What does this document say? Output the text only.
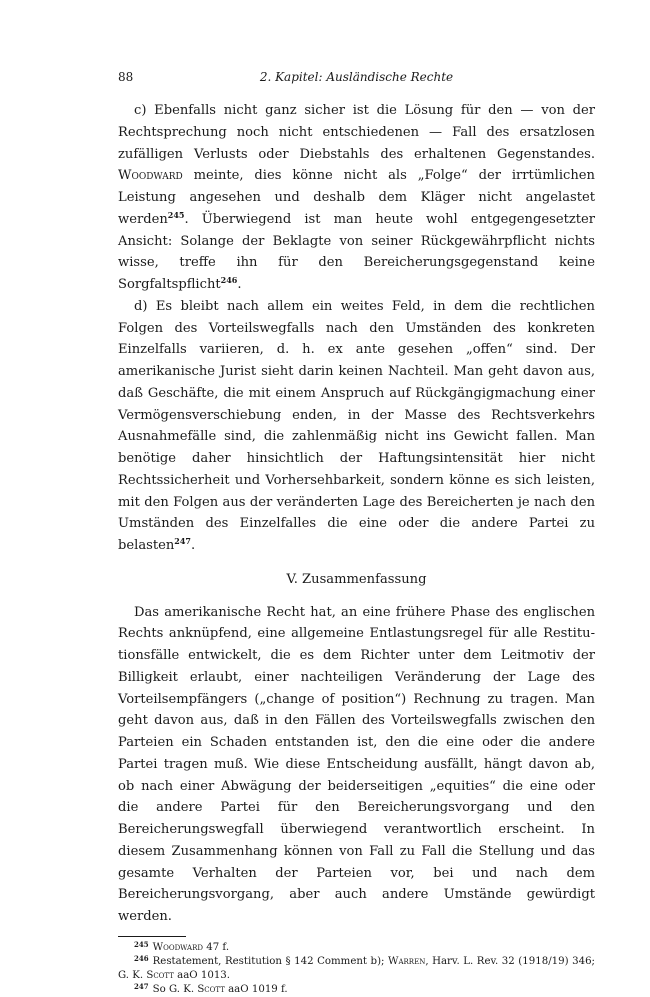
88	2. Kapitel: Ausländische Rechte

c) Ebenfalls nicht ganz sicher ist die Lösung für den — von der Rechtsprechung noch nicht entschiedenen — Fall des ersatzlosen zufälligen Verlusts oder Diebstahls des erhaltenen Gegenstandes. Woodward meinte, dies könne nicht als „Folge“ der irrtümlichen Leistung angesehen und deshalb dem Kläger nicht angelastet werden$^{245}$. Überwiegend ist man heute wohl entgegengesetzter Ansicht: Solange der Beklagte von seiner Rückgewährpflicht nichts wisse, treffe ihn für den Bereicherungsgegenstand keine Sorgfaltspflicht$^{246}$.

d) Es bleibt nach allem ein weites Feld, in dem die rechtlichen Folgen des Vorteilswegfalls nach den Umständen des konkreten Einzelfalls variieren, d. h. ex ante gesehen „offen“ sind. Der amerikanische Jurist sieht darin keinen Nachteil. Man geht davon aus, daß Geschäfte, die mit einem Anspruch auf Rückgängigmachung einer Vermögensverschiebung enden, in der Masse des Rechtsverkehrs Ausnahmefälle sind, die zahlenmäßig nicht ins Gewicht fallen. Man benötige daher hinsichtlich der Haftungsintensität hier nicht Rechtssicherheit und Vorhersehbarkeit, sondern könne es sich leisten, mit den Folgen aus der veränderten Lage des Bereicherten je nach den Umständen des Einzelfalles die eine oder die andere Partei zu belasten$^{247}$.

V. Zusammenfassung

Das amerikanische Recht hat, an eine frühere Phase des englischen Rechts anknüpfend, eine allgemeine Entlastungsregel für alle Restitutionsfälle entwickelt, die es dem Richter unter dem Leitmotiv der Billigkeit erlaubt, einer nachteiligen Veränderung der Lage des Vorteilsempfängers („change of position“) Rechnung zu tragen. Man geht davon aus, daß in den Fällen des Vorteilswegfalls zwischen den Parteien ein Schaden entstanden ist, den die eine oder die andere Partei tragen muß. Wie diese Entscheidung ausfällt, hängt davon ab, ob nach einer Abwägung der beiderseitigen „equities“ die eine oder die andere Partei für den Bereicherungsvorgang und den Bereicherungswegfall überwiegend verantwortlich erscheint. In diesem Zusammenhang können von Fall zu Fall die Stellung und das gesamte Verhalten der Parteien vor, bei und nach dem Bereicherungsvorgang, aber auch andere Umstände gewürdigt werden.

$^{245}$ Woodward 47 f.

$^{246}$ Restatement, Restitution § 142 Comment b); Warren, Harv. L. Rev. 32 (1918/19) 346; G. K. Scott aaO 1013.

$^{247}$ So G. K. Scott aaO 1019 f.
